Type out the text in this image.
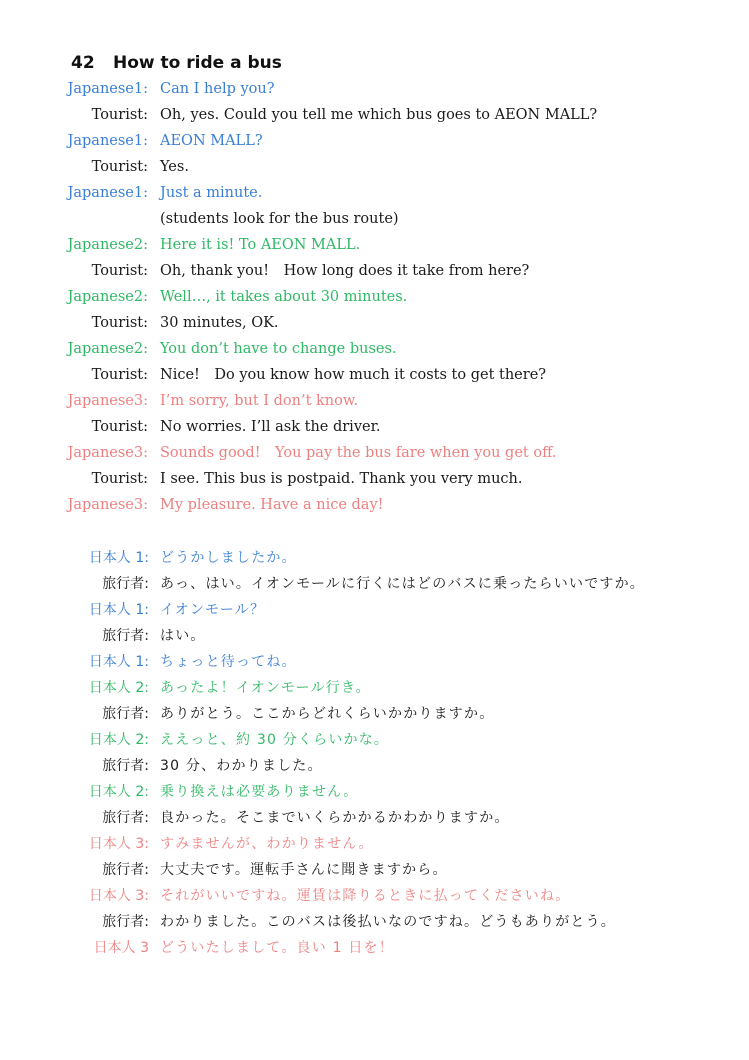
42 How to ride a bus
Japanese1: Can I help you?
Tourist: Oh, yes. Could you tell me which bus goes to AEON MALL?
Japanese1: AEON MALL?
Tourist: Yes.
Japanese1: Just a minute.
(students look for the bus route)
Japanese2: Here it is! To AEON MALL.
Tourist: Oh, thank you!　How long does it take from here?
Japanese2: Well…, it takes about 30 minutes.
Tourist: 30 minutes, OK.
Japanese2: You don’t have to change buses.
Tourist: Nice!　Do you know how much it costs to get there?
Japanese3: I’m sorry, but I don’t know.
Tourist: No worries. I’ll ask the driver.
Japanese3: Sounds good!　You pay the bus fare when you get off.
Tourist: I see. This bus is postpaid. Thank you very much.
Japanese3: My pleasure. Have a nice day!
日本人 1: どうかしましたか。
旅行者: あっ、はい。イオンモールに行くにはどのバスに乗ったらいいですか。
日本人 1: イオンモール？
旅行者: はい。
日本人 1: ちょっと待ってね。
日本人 2: あったよ！イオンモール行き。
旅行者: ありがとう。ここからどれくらいかかりますか。
日本人 2: ええっと、約 30 分くらいかな。
旅行者: 30 分、わかりました。
日本人 2: 乗り換えは必要ありません。
旅行者: 良かった。そこまでいくらかかるかわかりますか。
日本人 3: すみませんが、わかりません。
旅行者: 大丈夫です。運転手さんに聞きますから。
日本人 3: それがいいですね。運賃は降りるときに払ってくださいね。
旅行者: わかりました。このバスは後払いなのですね。どうもありがとう。
日本人 3 どういたしまして。良い 1 日を！
